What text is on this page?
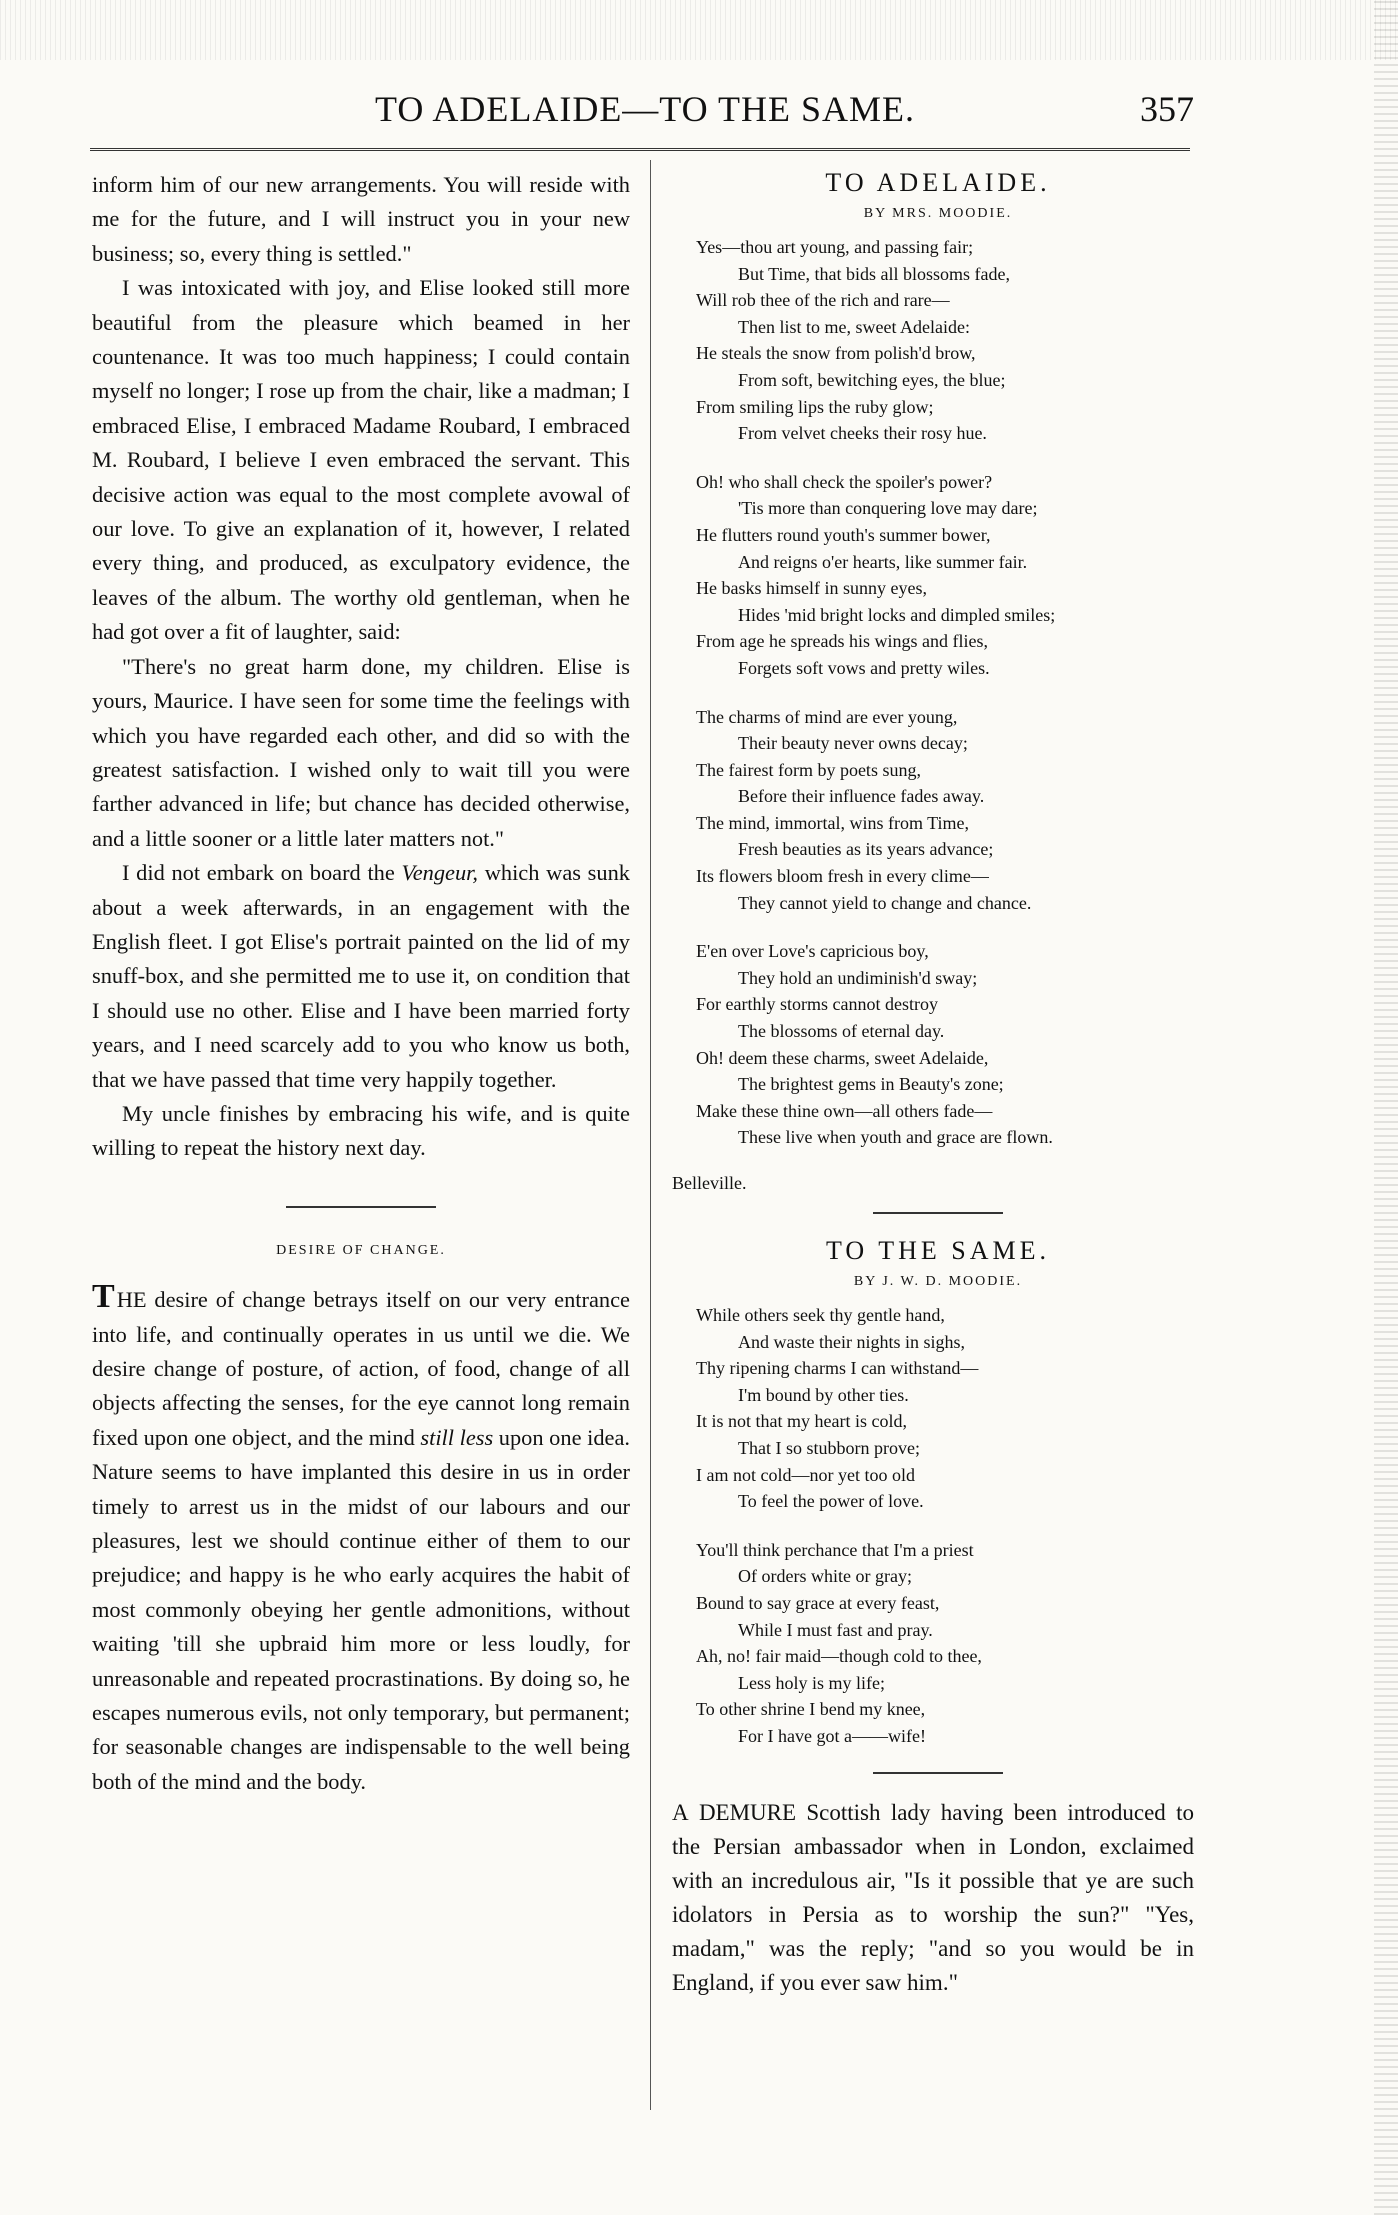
TO ADELAIDE—TO THE SAME.	357

inform him of our new arrangements. You will reside with me for the future, and I will instruct you in your new business; so, every thing is settled."

I was intoxicated with joy, and Elise looked still more beautiful from the pleasure which beamed in her countenance. It was too much happiness; I could contain myself no longer; I rose up from the chair, like a madman; I embraced Elise, I embraced Madame Roubard, I embraced M. Roubard, I believe I even embraced the servant. This decisive action was equal to the most complete avowal of our love. To give an explanation of it, however, I related every thing, and produced, as exculpatory evidence, the leaves of the album. The worthy old gentleman, when he had got over a fit of laughter, said:

"There's no great harm done, my children. Elise is yours, Maurice. I have seen for some time the feelings with which you have regarded each other, and did so with the greatest satisfaction. I wished only to wait till you were farther advanced in life; but chance has decided otherwise, and a little sooner or a little later matters not."

I did not embark on board the Vengeur, which was sunk about a week afterwards, in an engagement with the English fleet. I got Elise's portrait painted on the lid of my snuff-box, and she permitted me to use it, on condition that I should use no other. Elise and I have been married forty years, and I need scarcely add to you who know us both, that we have passed that time very happily together.

My uncle finishes by embracing his wife, and is quite willing to repeat the history next day.

DESIRE OF CHANGE.

THE desire of change betrays itself on our very entrance into life, and continually operates in us until we die. We desire change of posture, of action, of food, change of all objects affecting the senses, for the eye cannot long remain fixed upon one object, and the mind still less upon one idea. Nature seems to have implanted this desire in us in order timely to arrest us in the midst of our labours and our pleasures, lest we should continue either of them to our prejudice; and happy is he who early acquires the habit of most commonly obeying her gentle admonitions, without waiting 'till she upbraid him more or less loudly, for unreasonable and repeated procrastinations. By doing so, he escapes numerous evils, not only temporary, but permanent; for seasonable changes are indispensable to the well being both of the mind and the body.

TO ADELAIDE.
BY MRS. MOODIE.
Yes—thou art young, and passing fair;
But Time, that bids all blossoms fade,
Will rob thee of the rich and rare—
Then list to me, sweet Adelaide:
He steals the snow from polish'd brow,
From soft, bewitching eyes, the blue;
From smiling lips the ruby glow;
From velvet cheeks their rosy hue.
Oh! who shall check the spoiler's power?
'Tis more than conquering love may dare;
He flutters round youth's summer bower,
And reigns o'er hearts, like summer fair.
He basks himself in sunny eyes,
Hides 'mid bright locks and dimpled smiles;
From age he spreads his wings and flies,
Forgets soft vows and pretty wiles.
The charms of mind are ever young,
Their beauty never owns decay;
The fairest form by poets sung,
Before their influence fades away.
The mind, immortal, wins from Time,
Fresh beauties as its years advance;
Its flowers bloom fresh in every clime—
They cannot yield to change and chance.
E'en over Love's capricious boy,
They hold an undiminish'd sway;
For earthly storms cannot destroy
The blossoms of eternal day.
Oh! deem these charms, sweet Adelaide,
The brightest gems in Beauty's zone;
Make these thine own—all others fade—
These live when youth and grace are flown.
Belleville.
TO THE SAME.
BY J. W. D. MOODIE.
While others seek thy gentle hand,
And waste their nights in sighs,
Thy ripening charms I can withstand—
I'm bound by other ties.
It is not that my heart is cold,
That I so stubborn prove;
I am not cold—nor yet too old
To feel the power of love.
You'll think perchance that I'm a priest
Of orders white or gray;
Bound to say grace at every feast,
While I must fast and pray.
Ah, no! fair maid—though cold to thee,
Less holy is my life;
To other shrine I bend my knee,
For I have got a——wife!

A DEMURE Scottish lady having been introduced to the Persian ambassador when in London, exclaimed with an incredulous air, "Is it possible that ye are such idolators in Persia as to worship the sun?" "Yes, madam," was the reply; "and so you would be in England, if you ever saw him."
